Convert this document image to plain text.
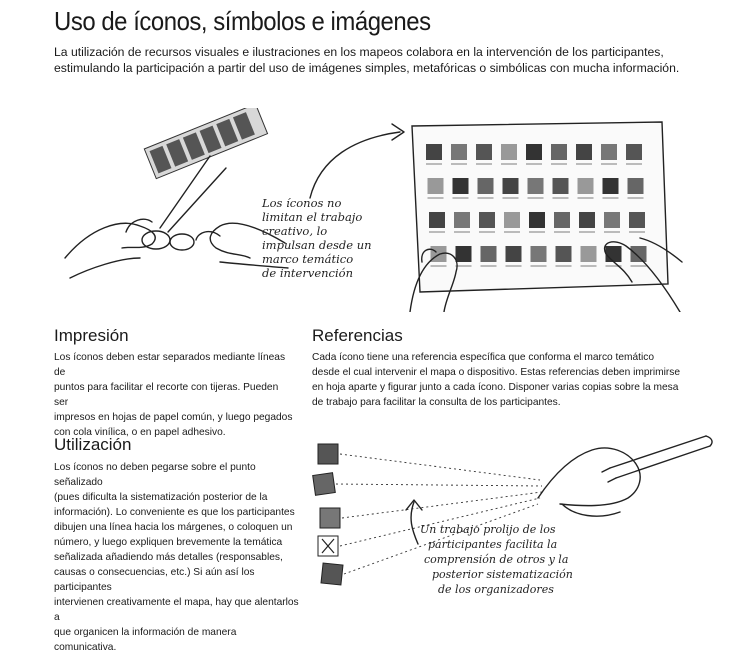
Uso de íconos, símbolos e imágenes
La utilización de recursos visuales e ilustraciones en los mapeos colabora en la intervención de los participantes, estimulando la participación a partir del uso de imágenes simples, metafóricas o simbólicas con mucha información.
Los íconos no
limitan el trabajo
creativo, lo
impulsan desde un
marco temático
de intervención
Impresión
Los íconos deben estar separados mediante líneas de
puntos para facilitar el recorte con tijeras. Pueden ser
impresos en hojas de papel común, y luego pegados
con cola vinílica, o en papel adhesivo.
Referencias
Cada ícono tiene una referencia específica que conforma el marco temático
desde el cual intervenir el mapa o dispositivo. Estas referencias deben imprimirse
en hoja aparte y figurar junto a cada ícono. Disponer varias copias sobre la mesa
de trabajo para facilitar la consulta de los participantes.
Utilización
Los íconos no deben pegarse sobre el punto señalizado
(pues dificulta la sistematización posterior de la
información). Lo conveniente es que los participantes
dibujen una línea hacia los márgenes, o coloquen un
número, y luego expliquen brevemente la temática
señalizada añadiendo más detalles (responsables,
causas o consecuencias, etc.) Si aún así los participantes
intervienen creativamente el mapa, hay que alentarlos a
que organicen la información de manera comunicativa.
Un trabajo prolijo de los
participantes facilita la
comprensión de otros y la
posterior sistematización
de los organizadores
